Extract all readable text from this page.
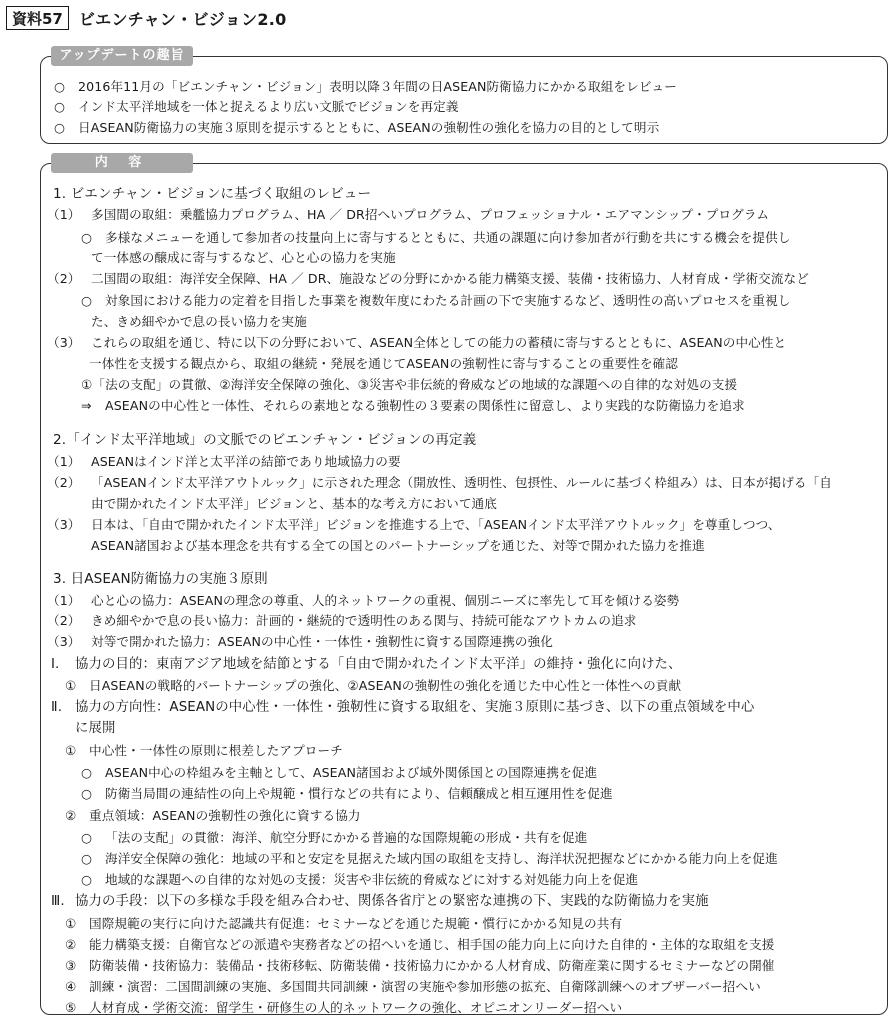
資料57	ビエンチャン・ビジョン2.0
アップデートの趣旨
○ 2016年11月の「ビエンチャン・ビジョン」表明以降３年間の日ASEAN防衛協力にかかる取組をレビュー
○ インド太平洋地域を一体と捉えるより広い文脈でビジョンを再定義
○ 日ASEAN防衛協力の実施３原則を提示するとともに、ASEANの強靭性の強化を協力の目的として明示
内 容
1. ビエンチャン・ビジョンに基づく取組のレビュー
（1） 多国間の取組：乗艦協力プログラム、HA ／ DR招へいプログラム、プロフェッショナル・エアマンシップ・プログラム
○ 多様なメニューを通して参加者の技量向上に寄与するとともに、共通の課題に向け参加者が行動を共にする機会を提供し
て一体感の醸成に寄与するなど、心と心の協力を実施
（2） 二国間の取組：海洋安全保障、HA ／ DR、施設などの分野にかかる能力構築支援、装備・技術協力、人材育成・学術交流など
○ 対象国における能力の定着を目指した事業を複数年度にわたる計画の下で実施するなど、透明性の高いプロセスを重視し
た、きめ細やかで息の長い協力を実施
（3） これらの取組を通じ、特に以下の分野において、ASEAN全体としての能力の蓄積に寄与するとともに、ASEANの中心性と
一体性を支援する観点から、取組の継続・発展を通じてASEANの強靭性に寄与することの重要性を確認
①「法の支配」の貫徹、②海洋安全保障の強化、③災害や非伝統的脅威などの地域的な課題への自律的な対処の支援
⇒ ASEANの中心性と一体性、それらの素地となる強靭性の３要素の関係性に留意し、より実践的な防衛協力を追求
2.「インド太平洋地域」の文脈でのビエンチャン・ビジョンの再定義
（1） ASEANはインド洋と太平洋の結節であり地域協力の要
（2） 「ASEANインド太平洋アウトルック」に示された理念（開放性、透明性、包摂性、ルールに基づく枠組み）は、日本が掲げる「自
由で開かれたインド太平洋」ビジョンと、基本的な考え方において通底
（3） 日本は、「自由で開かれたインド太平洋」ビジョンを推進する上で、「ASEANインド太平洋アウトルック」を尊重しつつ、
ASEAN諸国および基本理念を共有する全ての国とのパートナーシップを通じた、対等で開かれた協力を推進
3. 日ASEAN防衛協力の実施３原則
（1） 心と心の協力：ASEANの理念の尊重、人的ネットワークの重視、個別ニーズに率先して耳を傾ける姿勢
（2） きめ細やかで息の長い協力：計画的・継続的で透明性のある関与、持続可能なアウトカムの追求
（3） 対等で開かれた協力：ASEANの中心性・一体性・強靭性に資する国際連携の強化
Ⅰ. 協力の目的：東南アジア地域を結節とする「自由で開かれたインド太平洋」の維持・強化に向けた、
① 日ASEANの戦略的パートナーシップの強化、②ASEANの強靭性の強化を通じた中心性と一体性への貢献
Ⅱ. 協力の方向性：ASEANの中心性・一体性・強靭性に資する取組を、実施３原則に基づき、以下の重点領域を中心
に展開
① 中心性・一体性の原則に根差したアプローチ
○ ASEAN中心の枠組みを主軸として、ASEAN諸国および域外関係国との国際連携を促進
○ 防衛当局間の連結性の向上や規範・慣行などの共有により、信頼醸成と相互運用性を促進
② 重点領域：ASEANの強靭性の強化に資する協力
○ 「法の支配」の貫徹：海洋、航空分野にかかる普遍的な国際規範の形成・共有を促進
○ 海洋安全保障の強化：地域の平和と安定を見据えた域内国の取組を支持し、海洋状況把握などにかかる能力向上を促進
○ 地域的な課題への自律的な対処の支援：災害や非伝統的脅威などに対する対処能力向上を促進
Ⅲ. 協力の手段：以下の多様な手段を組み合わせ、関係各省庁との緊密な連携の下、実践的な防衛協力を実施
① 国際規範の実行に向けた認識共有促進：セミナーなどを通じた規範・慣行にかかる知見の共有
② 能力構築支援：自衛官などの派遣や実務者などの招へいを通じ、相手国の能力向上に向けた自律的・主体的な取組を支援
③ 防衛装備・技術協力：装備品・技術移転、防衛装備・技術協力にかかる人材育成、防衛産業に関するセミナーなどの開催
④ 訓練・演習：二国間訓練の実施、多国間共同訓練・演習の実施や参加形態の拡充、自衛隊訓練へのオブザーバー招へい
⑤ 人材育成・学術交流：留学生・研修生の人的ネットワークの強化、オピニオンリーダー招へい
